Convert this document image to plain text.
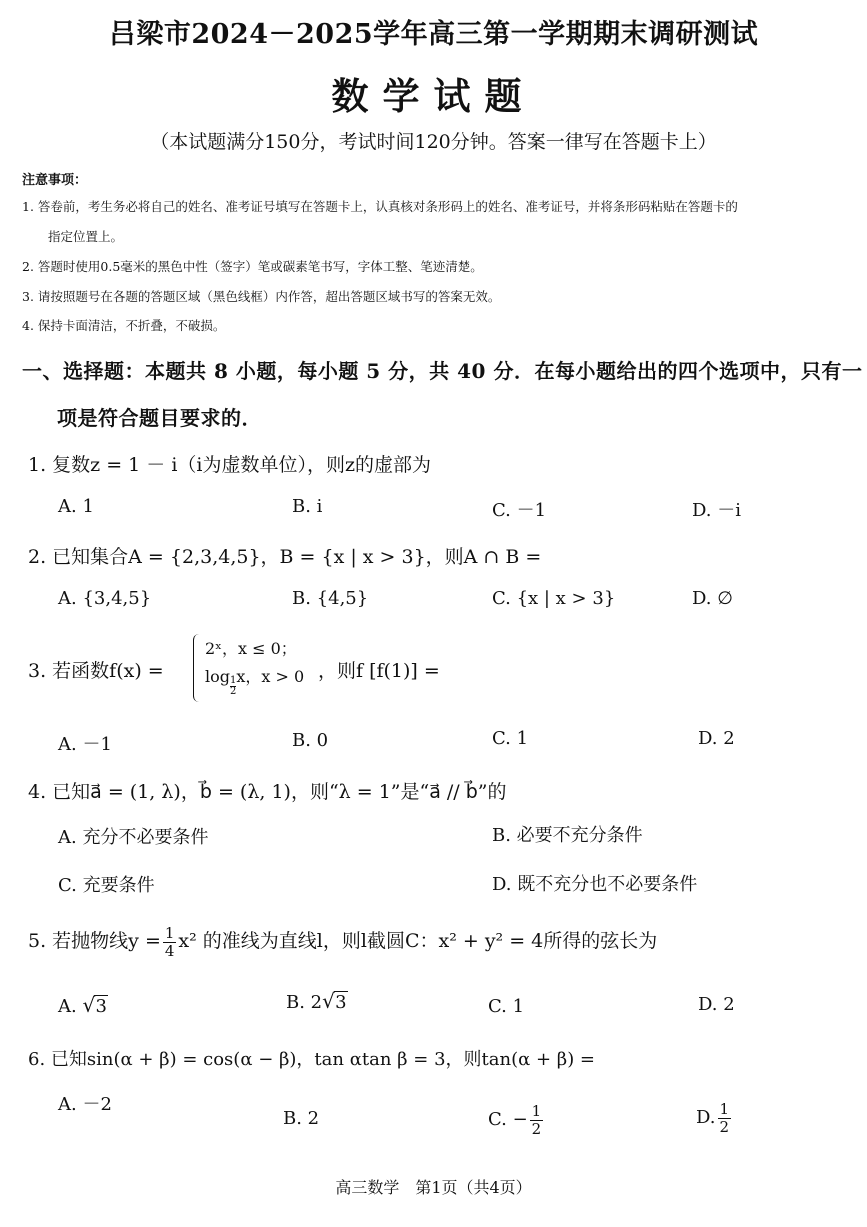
吕梁市2024－2025学年高三第一学期期末调研测试
数学试题
（本试题满分150分，考试时间120分钟。答案一律写在答题卡上）
注意事项：
1. 答卷前，考生务必将自己的姓名、准考证号填写在答题卡上，认真核对条形码上的姓名、准考证号，并将条形码粘贴在答题卡的
指定位置上。
2. 答题时使用0.5毫米的黑色中性（签字）笔或碳素笔书写，字体工整、笔迹清楚。
3. 请按照题号在各题的答题区域（黑色线框）内作答，超出答题区域书写的答案无效。
4. 保持卡面清洁，不折叠，不破损。
一、选择题：本题共 8 小题，每小题 5 分，共 40 分．在每小题给出的四个选项中，只有一
项是符合题目要求的．
1. 复数z = 1 － i（i为虚数单位），则z的虚部为
A. 1	B. i	C. －1	D. －i
2. 已知集合A = {2,3,4,5}，B = {x | x > 3}，则A ∩ B =
A. {3,4,5}	B. {4,5}	C. {x | x > 3}	D. ∅
3. 若函数f(x) =
2ˣ，x ≤ 0；
$\log \frac{1}{2}$ x，x > 0 ，则f [f(1)] =
A. －1	B. 0	C. 1	D. 2
4. 已知a⃗ = (1, λ)，b⃗ = (λ, 1)，则“λ = 1”是“a⃗ // b⃗”的
A. 充分不必要条件	B. 必要不充分条件
C. 充要条件	D. 既不充分也不必要条件
5. 若抛物线$y = \frac{1}{4} x^2$ 的准线为直线l，则l截圆C：x² + y² = 4所得的弦长为
A. √ 3	B. 2 √ 3	C. 1	D. 2
6. 已知sin(α + β) = cos(α − β)，tan αtan β = 3，则tan(α + β) =
A. －2
B. 2	C. − $\frac{1}{2}$	D. $\frac{1}{2}$
高三数学　第1页（共4页）
